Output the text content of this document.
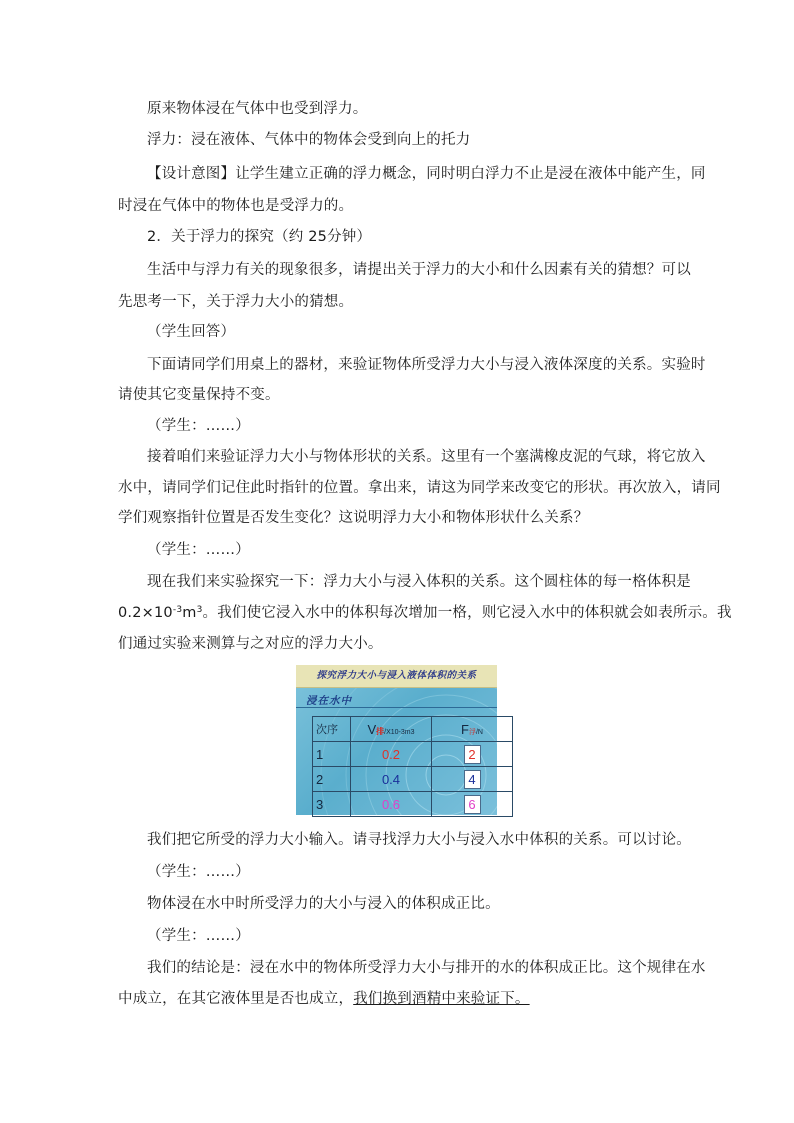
原来物体浸在气体中也受到浮力。
浮力：浸在液体、气体中的物体会受到向上的托力
【设计意图】让学生建立正确的浮力概念，同时明白浮力不止是浸在液体中能产生，同
时浸在气体中的物体也是受浮力的。
2．关于浮力的探究（约 25分钟）
生活中与浮力有关的现象很多，请提出关于浮力的大小和什么因素有关的猜想？可以
先思考一下，关于浮力大小的猜想。
（学生回答）
下面请同学们用桌上的器材，来验证物体所受浮力大小与浸入液体深度的关系。实验时
请使其它变量保持不变。
（学生：……）
接着咱们来验证浮力大小与物体形状的关系。这里有一个塞满橡皮泥的气球，将它放入
水中，请同学们记住此时指针的位置。拿出来，请这为同学来改变它的形状。再次放入，请同
学们观察指针位置是否发生变化？这说明浮力大小和物体形状什么关系？
（学生：……）
现在我们来实验探究一下：浮力大小与浸入体积的关系。这个圆柱体的每一格体积是
$0.2\times 10^{-3}m^3$。我们使它浸入水中的体积每次增加一格，则它浸入水中的体积就会如表所示。我
们通过实验来测算与之对应的浮力大小。
探究浮力大小与浸入液体体积的关系
浸在水中
次序	V排/X10-3m3	F浮/N
1	0.2	2
2	0.4	4
3	0.6	6
我们把它所受的浮力大小输入。请寻找浮力大小与浸入水中体积的关系。可以讨论。
（学生：……）
物体浸在水中时所受浮力的大小与浸入的体积成正比。
（学生：……）
我们的结论是：浸在水中的物体所受浮力大小与排开的水的体积成正比。这个规律在水
中成立，在其它液体里是否也成立，我们换到酒精中来验证下。
